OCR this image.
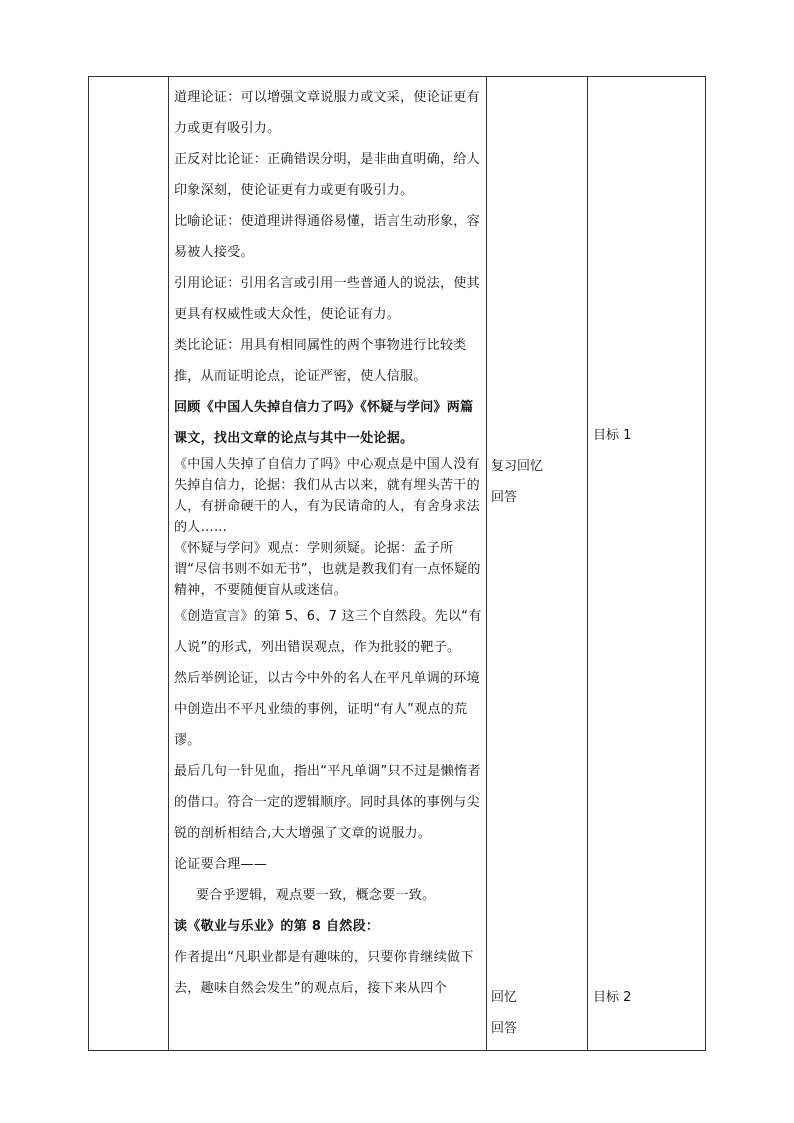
道理论证：可以增强文章说服力或文采，使论证更有力或更有吸引力。

正反对比论证：正确错误分明，是非曲直明确，给人印象深刻，使论证更有力或更有吸引力。

比喻论证：使道理讲得通俗易懂，语言生动形象，容易被人接受。

引用论证：引用名言或引用一些普通人的说法，使其更具有权威性或大众性，使论证有力。

类比论证：用具有相同属性的两个事物进行比较类推，从而证明论点，论证严密，使人信服。

回顾《中国人失掉自信力了吗》《怀疑与学问》两篇课文，找出文章的论点与其中一处论据。

《中国人失掉了自信力了吗》中心观点是中国人没有失掉自信力，论据：我们从古以来，就有埋头苦干的人，有拼命硬干的人，有为民请命的人，有舍身求法的人……

《怀疑与学问》观点：学则须疑。论据：孟子所谓“尽信书则不如无书”，也就是教我们有一点怀疑的精神，不要随便盲从或迷信。

《创造宣言》的第 5、6、7 这三个自然段。先以“有人说”的形式，列出错误观点，作为批驳的靶子。

然后举例论证，以古今中外的名人在平凡单调的环境中创造出不平凡业绩的事例，证明“有人”观点的荒谬。

最后几句一针见血，指出“平凡单调”只不过是懒惰者的借口。符合一定的逻辑顺序。同时具体的事例与尖锐的剖析相结合,大大增强了文章的说服力。

论证要合理——

要合乎逻辑，观点要一致，概念要一致。

读《敬业与乐业》的第 8 自然段：

作者提出“凡职业都是有趣味的，只要你肯继续做下去，趣味自然会发生”的观点后，接下来从四个

复习回忆
回答
回忆
回答
目标 1
目标 2
